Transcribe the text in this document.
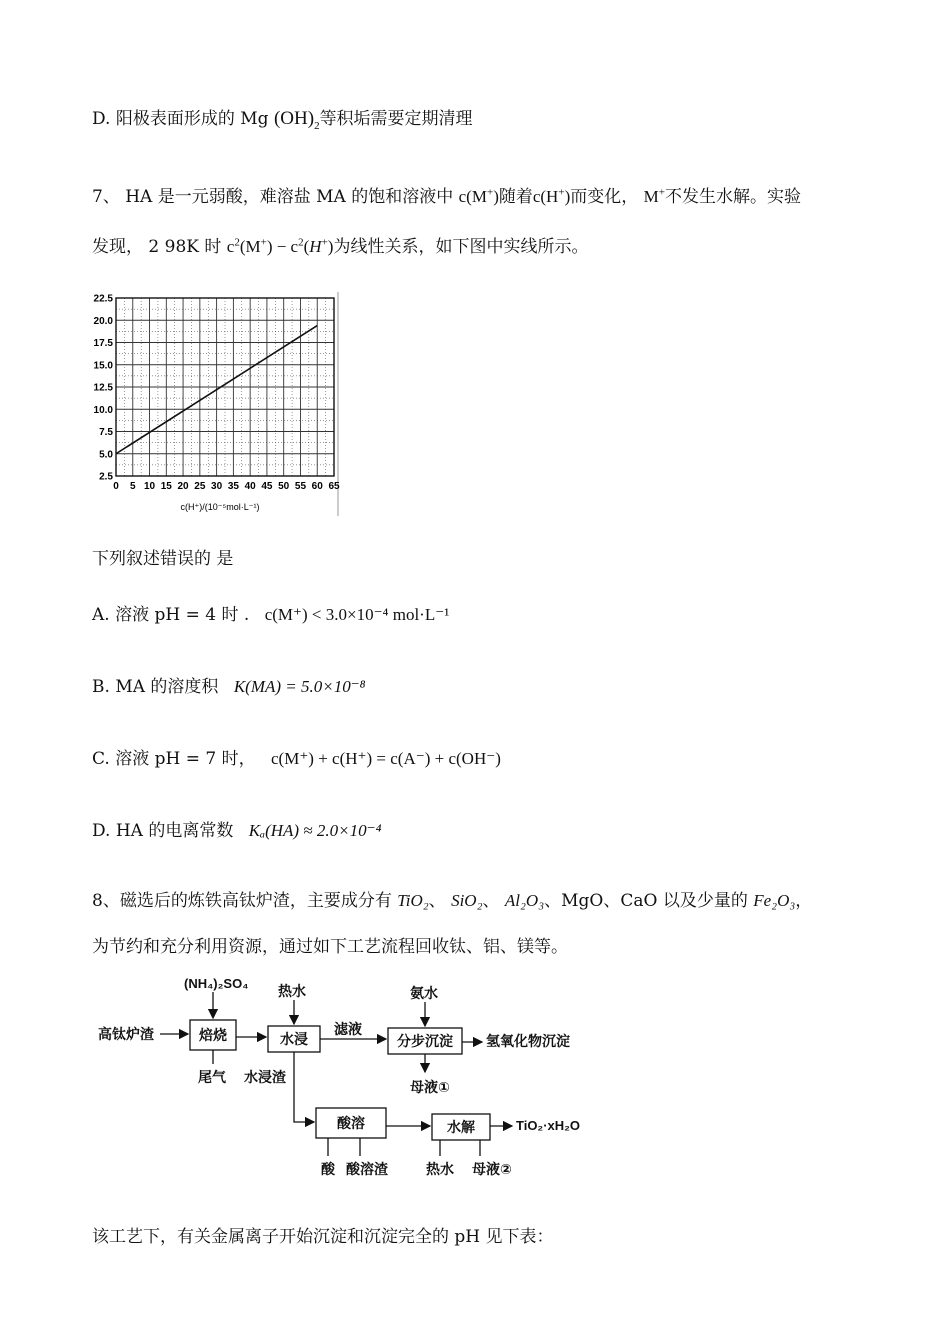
D. 阳极表面形成的 Mg $(OH)_2$等积垢需要定期清理
7、 HA 是一元弱酸，难溶盐 MA 的饱和溶液中 c(M+)随着c(H+)而变化， M+不发生水解。实验
发现， 2 98K 时 $c^2(M^+) - c^2(H^+)$为线性关系，如下图中实线所示。
0 5 10 15 20 25 30 35 40 45 50 55 60 65
2.5
5.0
7.5
10.0
12.5
15.0
17.5
20.0
22.5
c(H⁺)/(10⁻⁵mol·L⁻¹)
下列叙述错误的 是
A. 溶液 pH = 4 时 . c(M⁺) < 3.0×10⁻⁴ mol·L⁻¹
B. MA 的溶度积 K(MA) = 5.0×10⁻⁸
C. 溶液 pH = 7 时， c(M⁺) + c(H⁺) = c(A⁻) + c(OH⁻)
D. HA 的电离常数 Kₐ(HA) ≈ 2.0×10⁻⁴
8、磁选后的炼铁高钛炉渣，主要成分有 TiO₂、 SiO₂、 Al₂O₃、MgO、CaO 以及少量的 Fe₂O₃，
为节约和充分利用资源，通过如下工艺流程回收钛、铝、镁等。
高钛炉渣
(NH₄)₂SO₄
焙烧
尾气
热水
水浸
水浸渣
滤液
氨水
分步沉淀 氢氧化物沉淀
母液①
酸溶
酸 酸溶渣
水解
热水 母液②
TiO₂·xH₂O
该工艺下，有关金属离子开始沉淀和沉淀完全的 pH 见下表：
